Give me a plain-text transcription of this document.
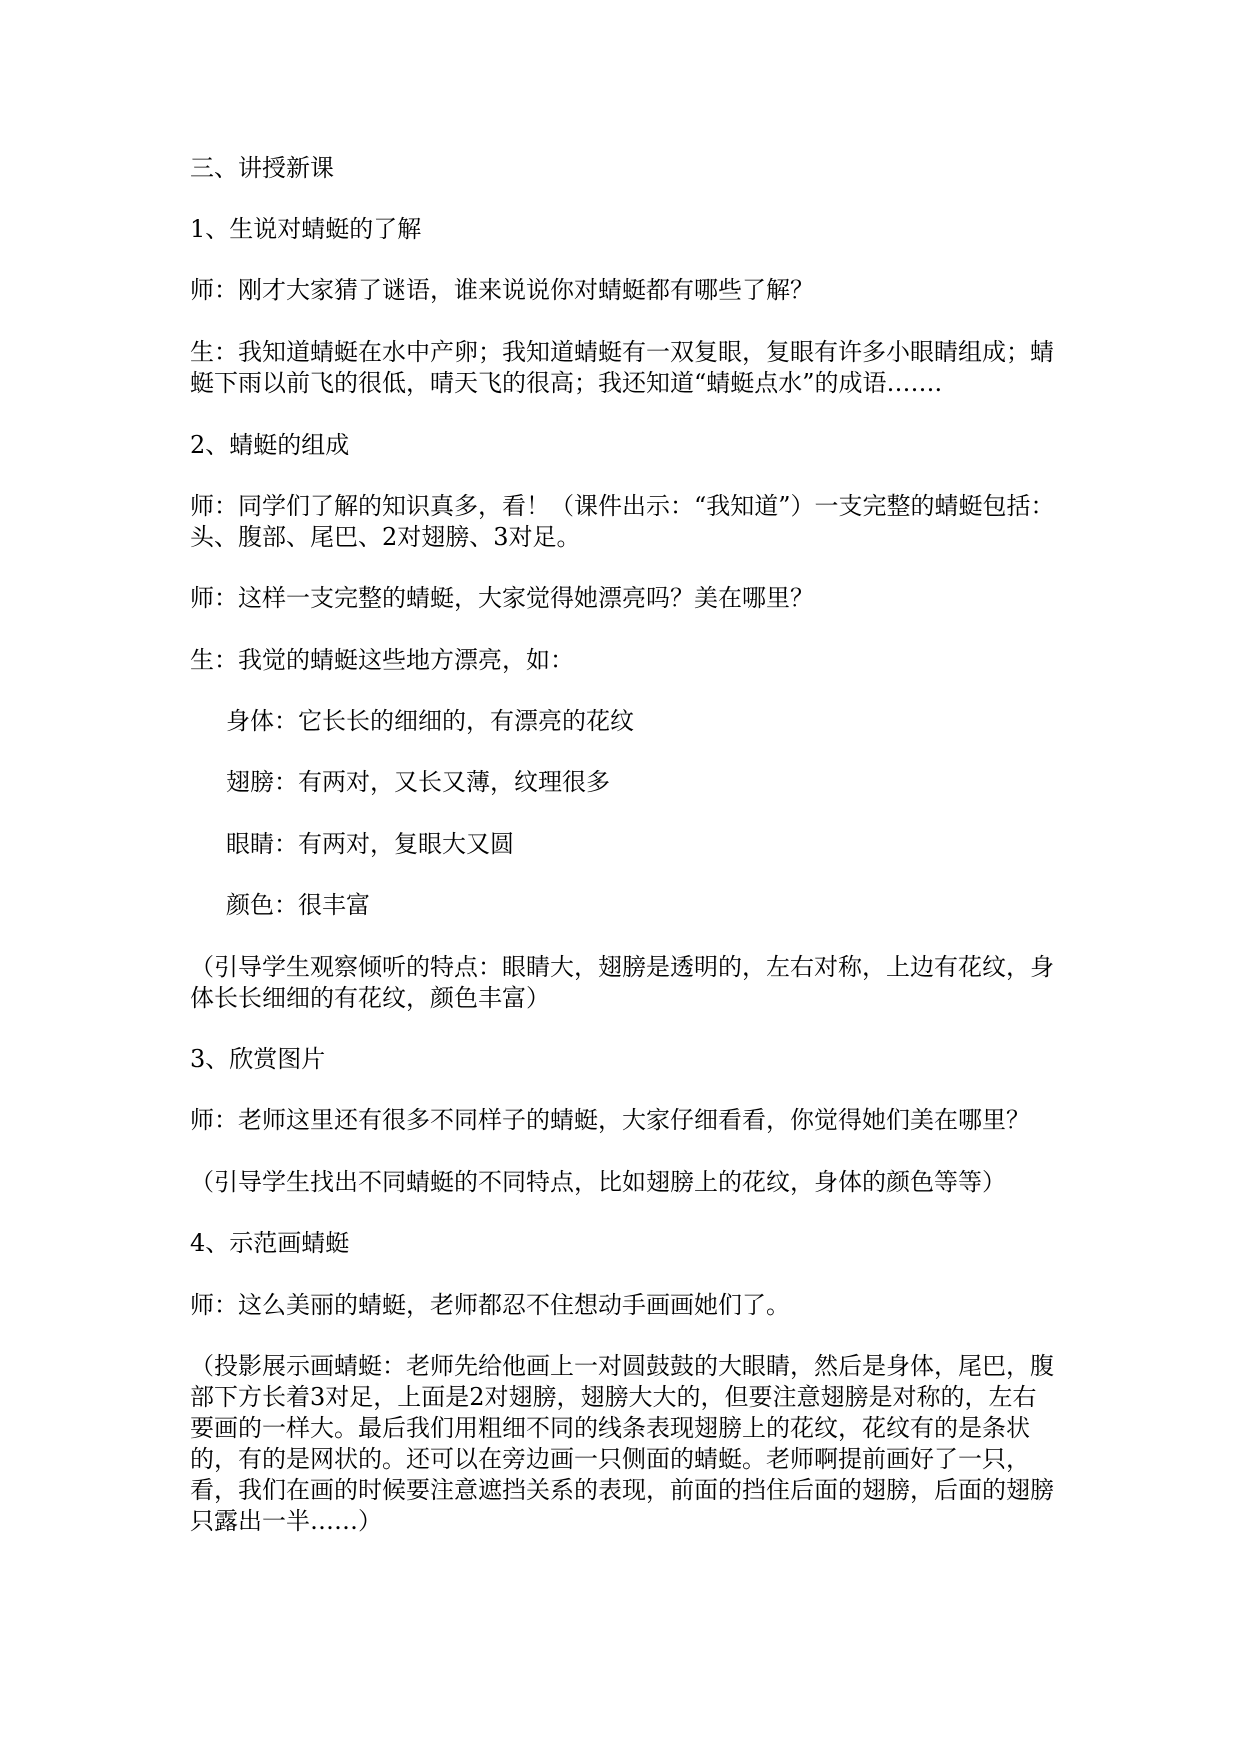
三、讲授新课

1、生说对蜻蜓的了解

师：刚才大家猜了谜语，谁来说说你对蜻蜓都有哪些了解？

生：我知道蜻蜓在水中产卵；我知道蜻蜓有一双复眼，复眼有许多小眼睛组成；蜻蜓下雨以前飞的很低，晴天飞的很高；我还知道“蜻蜓点水”的成语…….

2、蜻蜓的组成

师：同学们了解的知识真多，看！（课件出示：“我知道”）一支完整的蜻蜓包括：头、腹部、尾巴、2对翅膀、3对足。

师：这样一支完整的蜻蜓，大家觉得她漂亮吗？美在哪里？

生：我觉的蜻蜓这些地方漂亮，如：

身体：它长长的细细的，有漂亮的花纹

翅膀：有两对，又长又薄，纹理很多

眼睛：有两对，复眼大又圆

颜色：很丰富

（引导学生观察倾听的特点：眼睛大，翅膀是透明的，左右对称，上边有花纹，身体长长细细的有花纹，颜色丰富）

3、欣赏图片

师：老师这里还有很多不同样子的蜻蜓，大家仔细看看，你觉得她们美在哪里？

（引导学生找出不同蜻蜓的不同特点，比如翅膀上的花纹，身体的颜色等等）

4、示范画蜻蜓

师：这么美丽的蜻蜓，老师都忍不住想动手画画她们了。

（投影展示画蜻蜓：老师先给他画上一对圆鼓鼓的大眼睛，然后是身体，尾巴，腹部下方长着3对足，上面是2对翅膀，翅膀大大的，但要注意翅膀是对称的，左右要画的一样大。最后我们用粗细不同的线条表现翅膀上的花纹，花纹有的是条状的，有的是网状的。还可以在旁边画一只侧面的蜻蜓。老师啊提前画好了一只，看，我们在画的时候要注意遮挡关系的表现，前面的挡住后面的翅膀，后面的翅膀只露出一半……）
